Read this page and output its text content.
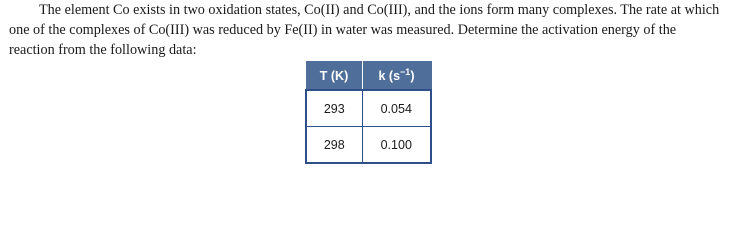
The element Co exists in two oxidation states, Co(II) and Co(III), and the ions form many complexes. The rate at which one of the complexes of Co(III) was reduced by Fe(II) in water was measured. Determine the activation energy of the reaction from the following data:

T (K)	k $(s^{-1})$
293	0.054
298	0.100
